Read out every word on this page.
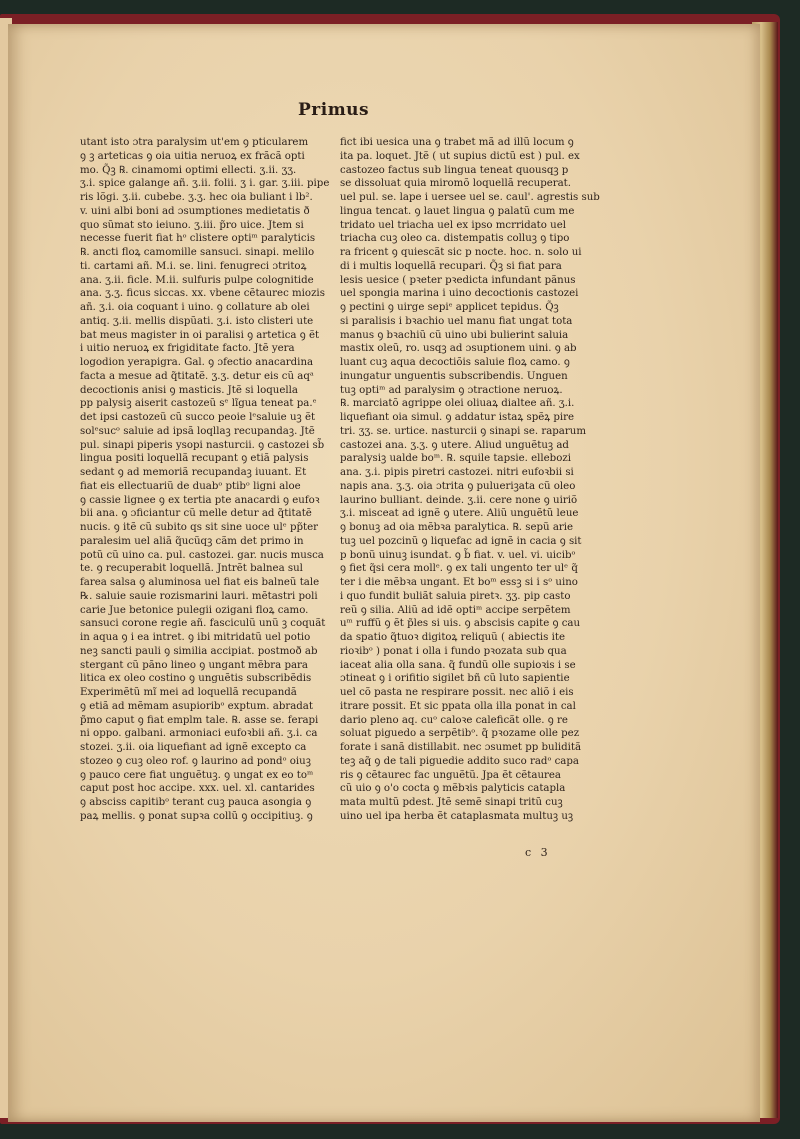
Primus
utant isto ɔtra paralysim ut'em ꝯ pticularem
ꝯ ꝫ arteticas ꝯ oia uitia neruoꝝ ex frãcã opti
mo. Q̃ꝫ ℞. cinamomi optimi ellecti. ʒ.ii. ʒʒ.
ʒ.i. spice galange añ. ʒ.ii. folii. ʒ i. gar. ʒ.iii. pipe
ris lõgi. ʒ.ii. cubebe. ʒ.ʒ. hec oia buliant i lb².
v. uini albi boni ad ɔsumptiones medietatis ð
quo sũmat sto ieiuno. ʒ.iii. p̃ro uice. Jtem si
necesse fuerit fiat hᵒ clistere optiᵐ paralyticis
℞. ancti floꝝ camomille sansuci. sinapi. melilo
ti. cartami añ. M.i. se. lini. fenugreci ɔtritoꝝ
ana. ʒ.ii. ficle. M.ii. sulfuris pulpe colognitide
ana. ʒ.ʒ. ficus siccas. xx. vbene cẽtaurec miozis
añ. ʒ.i. oia coquant i uino. ꝯ collature ab olei
antiq. ʒ.ii. mellis dispũati. ʒ.i. isto clisteri ute
bat meus magister in oi paralisi ꝯ artetica ꝯ ẽt
i uitio neruoꝝ ex frigiditate facto. Jtẽ yera
logodion yerapigra. Gal. ꝯ ɔfectio anacardina
facta a mesue ad q̃titatẽ. ʒ.ʒ. detur eis cũ aqᵃ
decoctionis anisi ꝯ masticis. Jtẽ si loquella
pp palysiꝫ aiserit castozeũ sᵉ lĩgua teneat pa.ᵉ
det ipsi castozeũ cũ succo peoie lᵉsaluie uꝫ ẽt
solᵉsucᵒ saluie ad ipsã loqllaꝫ recupandaꝫ. Jtẽ
pul. sinapi piperis ysopi nasturcii. ꝯ castozei sb̃
lingua positi loquellã recupant ꝯ etiã palysis
sedant ꝯ ad memoriã recupandaꝫ iuuant. Et
fiat eis ellectuariũ de duabᵒ ptibᵒ ligni aloe
ꝯ cassie lignee ꝯ ex tertia pte anacardi ꝯ eufoꝛ
bii ana. ꝯ ɔficiantur cũ melle detur ad q̃titatẽ
nucis. ꝯ itẽ cũ subito qs sit sine uoce ulᵉ pp̃ter
paralesim uel aliã q̃ucũqꝫ cãm det primo in
potũ cũ uino ca. pul. castozei. gar. nucis musca
te. ꝯ recuperabit loquellã. Jntrẽt balnea sul
farea salsa ꝯ aluminosa uel fiat eis balneũ tale
℞. saluie sauie rozismarini lauri. mẽtastri poli
carie Jue betonice pulegii ozigani floꝝ camo.
sansuci corone regie añ. fasciculũ unũ ꝫ coquãt
in aqua ꝯ i ea intret. ꝯ ibi mitridatũ uel potio
neꝫ sancti pauli ꝯ similia accipiat. postmoð ab
stergant cũ pãno lineo ꝯ ungant mẽbra para
litica ex oleo costino ꝯ unguẽtis subscribẽdis
Experimẽtũ mĩ mei ad loquellã recupandã
ꝯ etiã ad mẽmam asupioribᵒ exptum. abradat
p̃mo caput ꝯ fiat emplm tale. ℞. asse se. ferapi
ni oppo. galbani. armoniaci eufoꝛbii añ. ʒ.i. ca
stozei. ʒ.ii. oia liquefiant ad ignẽ excepto ca
stozeo ꝯ cuꝫ oleo rof. ꝯ laurino ad pondᵒ oiuꝫ
ꝯ pauco cere fiat unguẽtuꝫ. ꝯ ungat ex eo toᵐ
caput post hoc accipe. xxx. uel. xl. cantarides
ꝯ absciss capitibᵒ terant cuꝫ pauca asongia ꝯ
paꝝ mellis. ꝯ ponat supꝛa collũ ꝯ occipitiuꝫ. ꝯ
fict ibi uesica una ꝯ trabet mã ad illũ locum ꝯ
ita pa. loquet. Jtẽ ( ut supius dictũ est ) pul. ex
castozeo factus sub lingua teneat quousqꝫ p
se dissoluat quia miromõ loquellã recuperat.
uel pul. se. lape i uersee uel se. caul'. agrestis sub
lingua tencat. ꝯ lauet lingua ꝯ palatũ cum me
tridato uel triacha uel ex ipso mcrridato uel
triacha cuꝫ oleo ca. distempatis colluꝫ ꝯ tipo
ra fricent ꝯ quiescãt sic p nocte. hoc. n. solo ui
di i multis loquellã recupari. Q̃ꝫ si fiat para
lesis uesice ( pꝛeter pꝛedicta infundant pãnus
uel spongia marina i uino decoctionis castozei
ꝯ pectini ꝯ uirge sepiᵉ applicet tepidus. Q̃ꝫ
si paralisis i bꝛachio uel manu fiat ungat tota
manus ꝯ bꝛachiũ cũ uino ubi bulierint saluia
mastix oleũ, ro. usqꝫ ad ɔsuptionem uini. ꝯ ab
luant cuꝫ aqua decoctiõis saluie floꝝ camo. ꝯ
inungatur unguentis subscribendis. Unguen
tuꝫ optiᵐ ad paralysim ꝯ ɔtractione neruoꝝ.
℞. marciatõ agrippe olei oliuaꝝ dialtee añ. ʒ.i.
liquefiant oia simul. ꝯ addatur istaꝝ spẽꝝ pire
tri. ʒʒ. se. urtice. nasturcii ꝯ sinapi se. raparum
castozei ana. ʒ.ʒ. ꝯ utere. Aliud unguẽtuꝫ ad
paralysiꝫ ualde boᵐ. ℞. squile tapsie. ellebozi
ana. ʒ.i. pipis piretri castozei. nitri eufoꝛbii si
napis ana. ʒ.ʒ. oia ɔtrita ꝯ pulueriꝫata cũ oleo
laurino bulliant. deinde. ʒ.ii. cere none ꝯ uiriõ
ʒ.i. misceat ad ignẽ ꝯ utere. Aliũ unguẽtũ leue
ꝯ bonuꝫ ad oia mẽbꝛa paralytica. ℞. sepũ arie
tuꝫ uel pozcinũ ꝯ liquefac ad ignẽ in cacia ꝯ sit
p bonũ uinuꝫ isundat. ꝯ b̃ fiat. v. uel. vi. uicibᵒ
ꝯ fiet q̃si cera mollᵉ. ꝯ ex tali ungento ter ulᵉ q̃
ter i die mẽbꝛa ungant. Et boᵐ essꝫ si i sᵒ uino
i quo fundit buliãt saluia piretꝛ. ʒʒ. pip casto
reũ ꝯ silia. Aliũ ad idẽ optiᵐ accipe serpẽtem
uᵐ ruffũ ꝯ ẽt p̃les si uis. ꝯ abscisis capite ꝯ cau
da spatio q̃tuoꝛ digitoꝝ reliquũ ( abiectis ite
rioꝛibᵒ ) ponat i olla i fundo pꝛozata sub qua
iaceat alia olla sana. q̃ fundũ olle supioꝛis i se
ɔtineat ꝯ i orifitio sigilet bñ cũ luto sapientie
uel cõ pasta ne respirare possit. nec aliõ i eis
itrare possit. Et sic ppata olla illa ponat in cal
dario pleno aq. cuᵒ caloꝛe caleficãt olle. ꝯ re
soluat piguedo a serpẽtibᵒ. q̃ pꝛozame olle pez
forate i sanã distillabit. nec ɔsumet pp buliditã
teꝫ aq̃ ꝯ de tali piguedie addito suco radᵒ capa
ris ꝯ cẽtaurec fac unguẽtũ. Jpa ẽt cẽtaurea
cũ uio ꝯ o'o cocta ꝯ mẽbꝛis palyticis catapla
mata multũ pdest. Jtẽ semẽ sinapi tritũ cuꝫ
uino uel ipa herba ẽt cataplasmata multuꝫ uꝫ
c 3
